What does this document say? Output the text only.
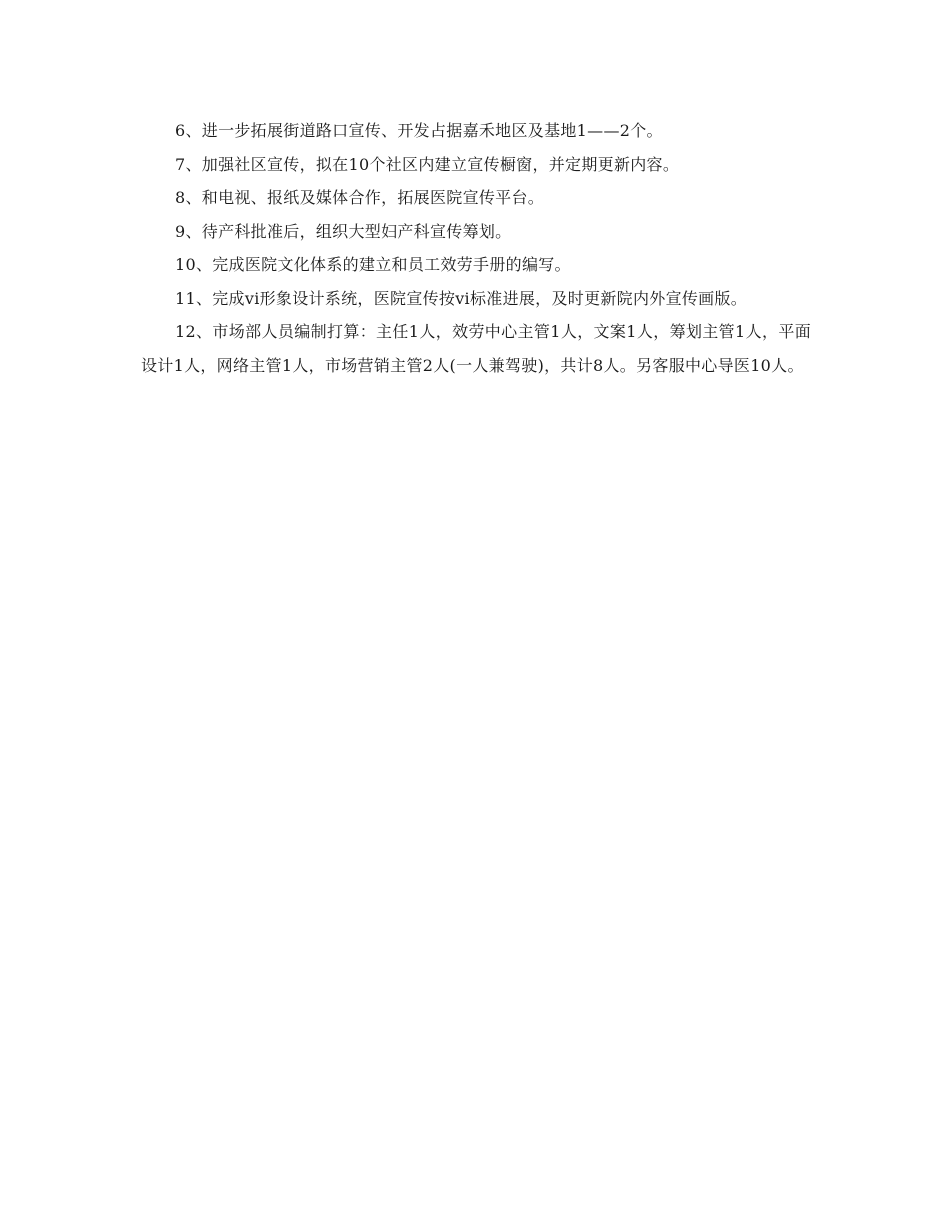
6、进一步拓展街道路口宣传、开发占据嘉禾地区及基地1——2个。

7、加强社区宣传，拟在10个社区内建立宣传橱窗，并定期更新内容。

8、和电视、报纸及媒体合作，拓展医院宣传平台。

9、待产科批准后，组织大型妇产科宣传筹划。

10、完成医院文化体系的建立和员工效劳手册的编写。

11、完成vi形象设计系统，医院宣传按vi标准进展，及时更新院内外宣传画版。

12、市场部人员编制打算：主任1人，效劳中心主管1人，文案1人，筹划主管1人，平面设计1人，网络主管1人，市场营销主管2人(一人兼驾驶)，共计8人。另客服中心导医10人。
